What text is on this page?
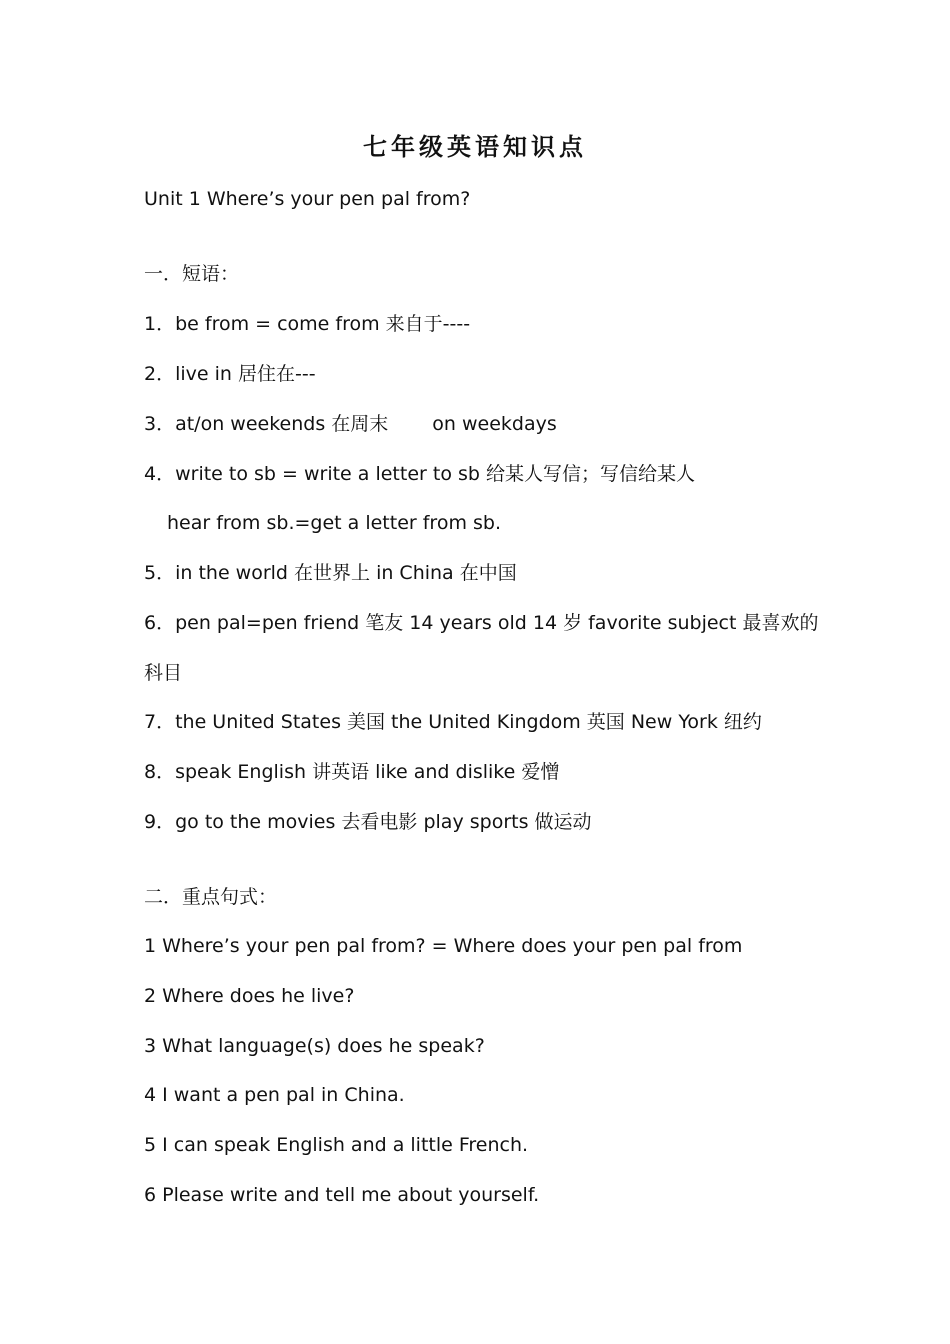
七年级英语知识点
Unit 1 Where’s your pen pal from?
一．短语：
1．be from = come from 来自于----
2．live in 居住在---
3．at/on weekends 在周末 on weekdays
4．write to sb = write a letter to sb 给某人写信；写信给某人
hear from sb.=get a letter from sb.
5．in the world 在世界上 in China 在中国
6．pen pal=pen friend 笔友 14 years old 14 岁 favorite subject 最喜欢的
科目
7．the United States 美国 the United Kingdom 英国 New York 纽约
8．speak English 讲英语 like and dislike 爱憎
9．go to the movies 去看电影 play sports 做运动
二．重点句式：
1 Where’s your pen pal from? = Where does your pen pal from
2 Where does he live?
3 What language(s) does he speak?
4 I want a pen pal in China.
5 I can speak English and a little French.
6 Please write and tell me about yourself.
